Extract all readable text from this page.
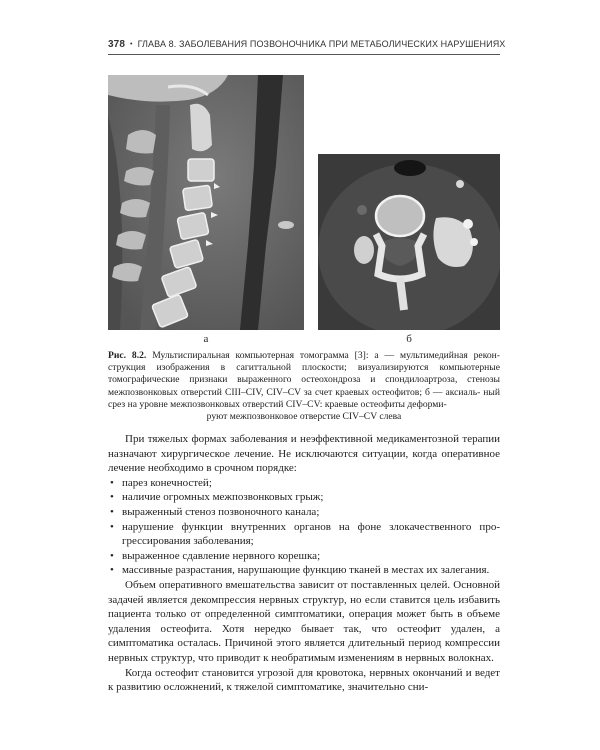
378 • ГЛАВА 8. ЗАБОЛЕВАНИЯ ПОЗВОНОЧНИКА ПРИ МЕТАБОЛИЧЕСКИХ НАРУШЕНИЯХ
а	б
Рис. 8.2. Мультиспиральная компьютерная томограмма [3]: а — мультимедийная рекон- струкция изображения в сагиттальной плоскости; визуализируются компьютерные томографические признаки выраженного остеохондроза и спондилоартроза, стенозы межпозвонковых отверстий CIII–CIV, CIV–CV за счет краевых остеофитов; б — аксиаль- ный срез на уровне межпозвонковых отверстий CIV–CV: краевые остеофиты деформи-
руют межпозвонковое отверстие CIV–CV слева

При тяжелых формах заболевания и неэффективной медикаментозной терапии назначают хирургическое лечение. Не исключаются ситуации, когда оперативное лечение необходимо в срочном порядке:

• парез конечностей;
• наличие огромных межпозвонковых грыж;
• выраженный стеноз позвоночного канала;
• нарушение функции внутренних органов на фоне злокачественного прогрессирования заболевания;
• выраженное сдавление нервного корешка;
• массивные разрастания, нарушающие функцию тканей в местах их залегания.

Объем оперативного вмешательства зависит от поставленных целей. Основной задачей является декомпрессия нервных структур, но если ставится цель избавить пациента только от определенной симптоматики, операция может быть в объеме удаления остеофита. Хотя нередко бывает так, что остеофит удален, а симптоматика осталась. Причиной этого является длительный период компрессии нервных структур, что приводит к необратимым изменениям в нервных волокнах.

Когда остеофит становится угрозой для кровотока, нервных окончаний и ведет к развитию осложнений, к тяжелой симптоматике, значительно сни-
